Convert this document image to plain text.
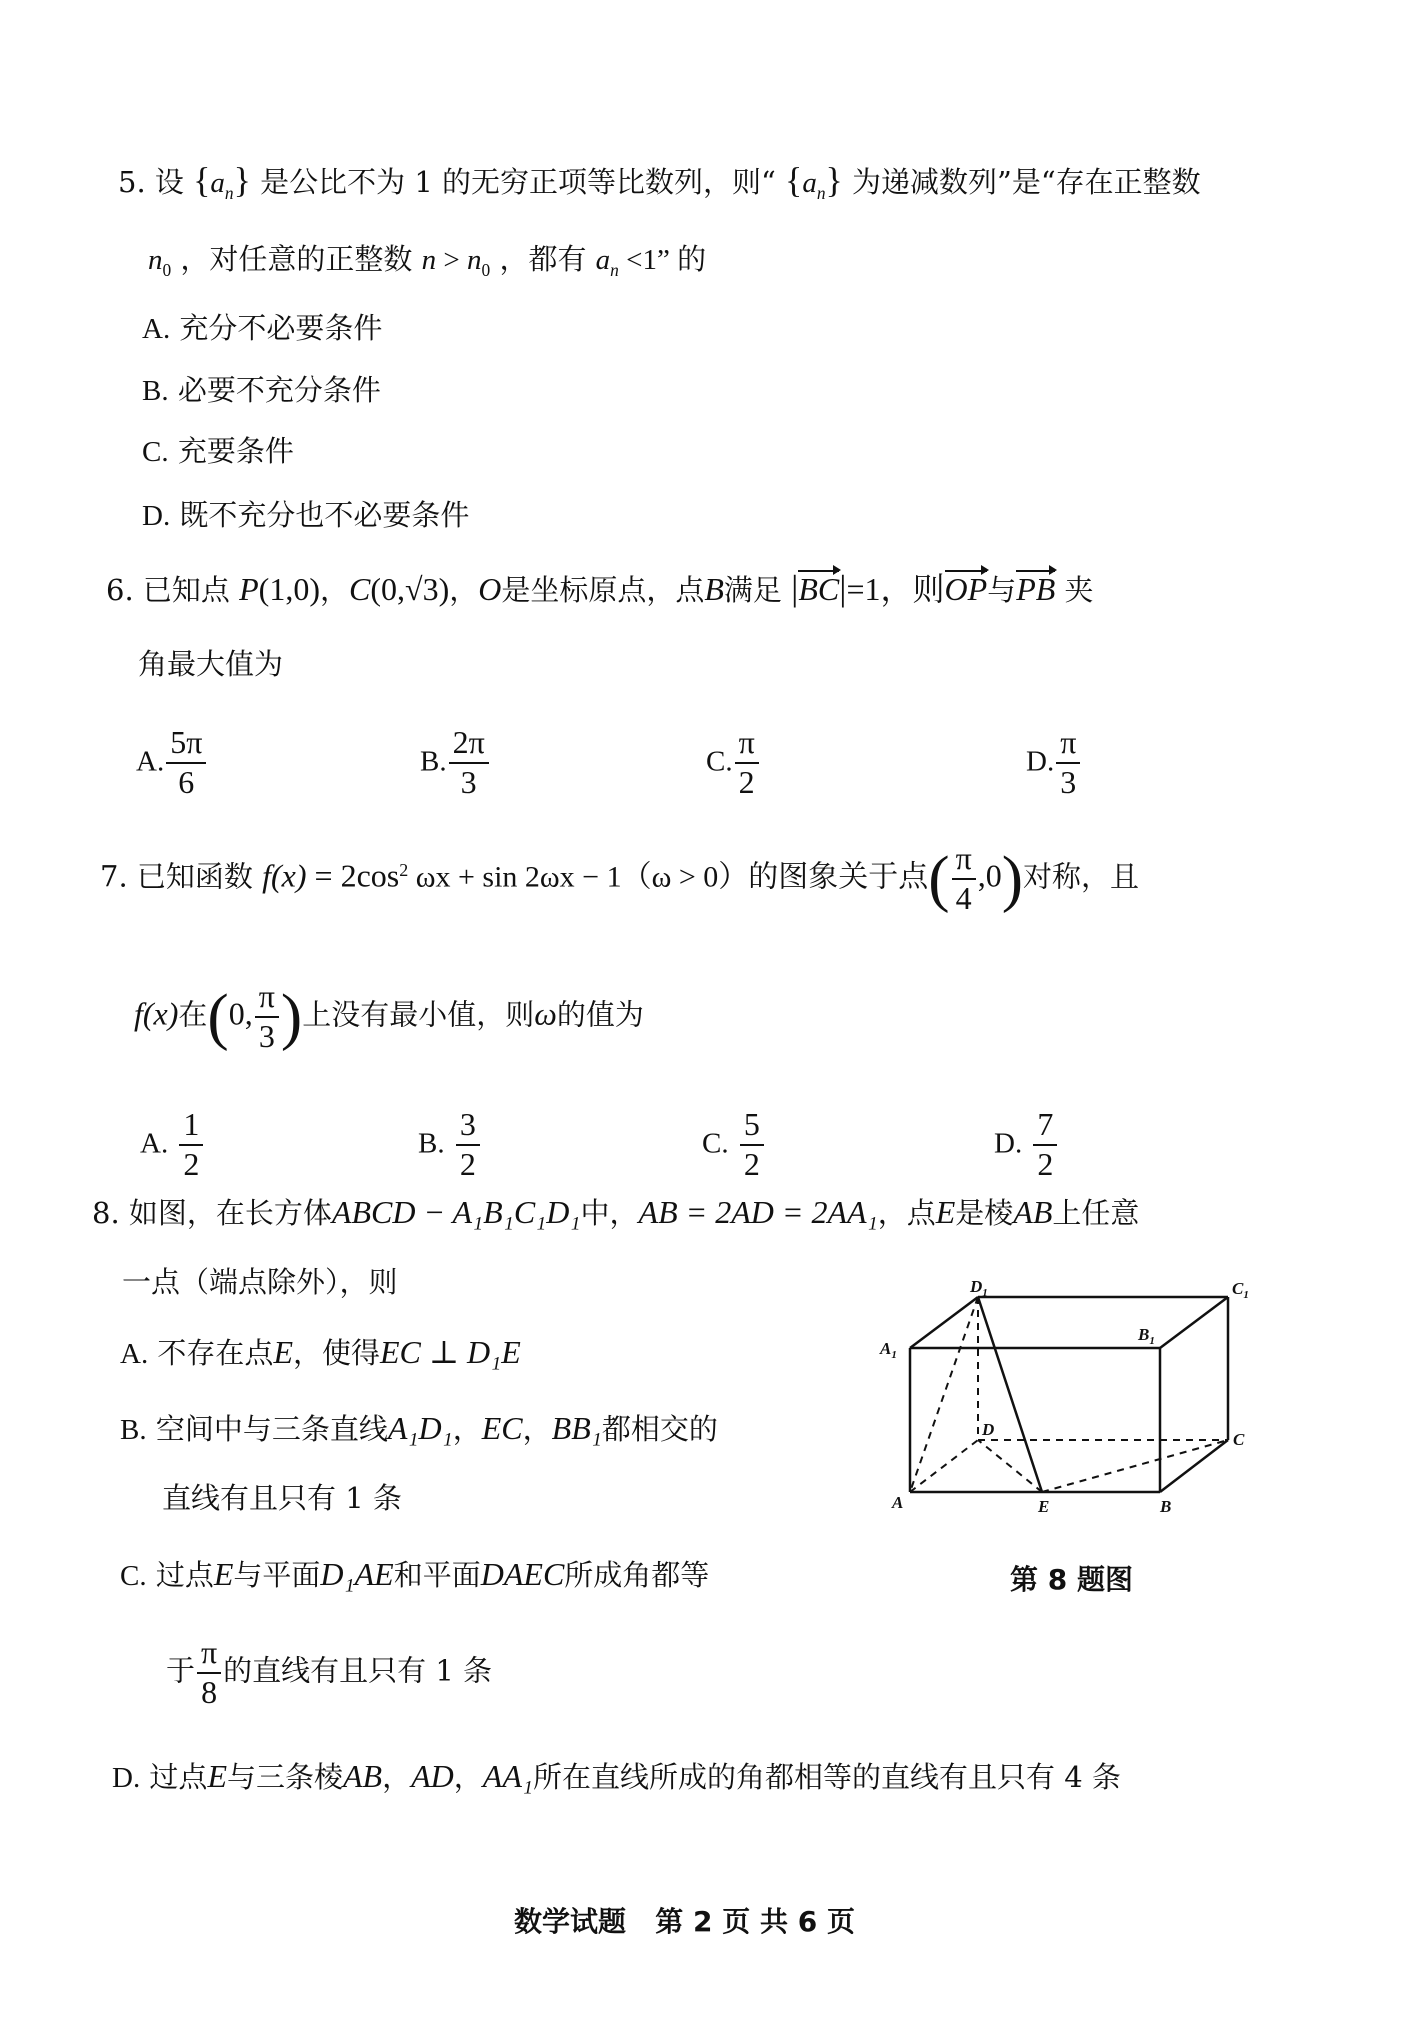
5. 设 $\{a_n\}$ 是公比不为 1 的无穷正项等比数列，则“ $\{a_n\}$ 为递减数列”是“存在正整数
$n_0$ ，对任意的正整数 $n > n_0$ ，都有 $a_n <1$” 的
A. 充分不必要条件
B. 必要不充分条件
C. 充要条件
D. 既不充分也不必要条件
6. 已知点 P(1,0)，C(0,√3)，O是坐标原点，点B满足 |BC|=1，则OP与PB 夹
角最大值为
A. $\frac{5\pi}{6}$	B. $\frac{2\pi}{3}$	C. $\frac{\pi}{2}$	D. $\frac{\pi}{3}$
7. 已知函数 $f(x) = 2\cos^2$ ωx + sin 2ωx − 1（ω > 0）的图象关于点( $\frac{\pi}{4} ,0$)对称，且
f(x)在(0, $\frac{\pi}{3}$ )上没有最小值，则ω的值为
A. $\frac{1}{2}$	B. $\frac{3}{2}$	C. $\frac{5}{2}$	D. $\frac{7}{2}$
8. 如图，在长方体ABCD − A₁B₁C₁D₁中，AB = 2AD = 2AA₁，点E是棱AB上任意
一点（端点除外），则
A. 不存在点E，使得EC ⊥ D₁E
B. 空间中与三条直线A₁D₁，EC，BB₁都相交的
直线有且只有 1 条
C. 过点E与平面D₁AE和平面DAEC所成角都等
于 $\frac{\pi}{8}$ 的直线有且只有 1 条
D. 过点E与三条棱AB，AD，AA₁所在直线所成的角都相等的直线有且只有 4 条
A	E	B
C
D
$A_1$
$B_1$
$C_1$
$D_1$
第 8 题图
数学试题 第 2 页 共 6 页
